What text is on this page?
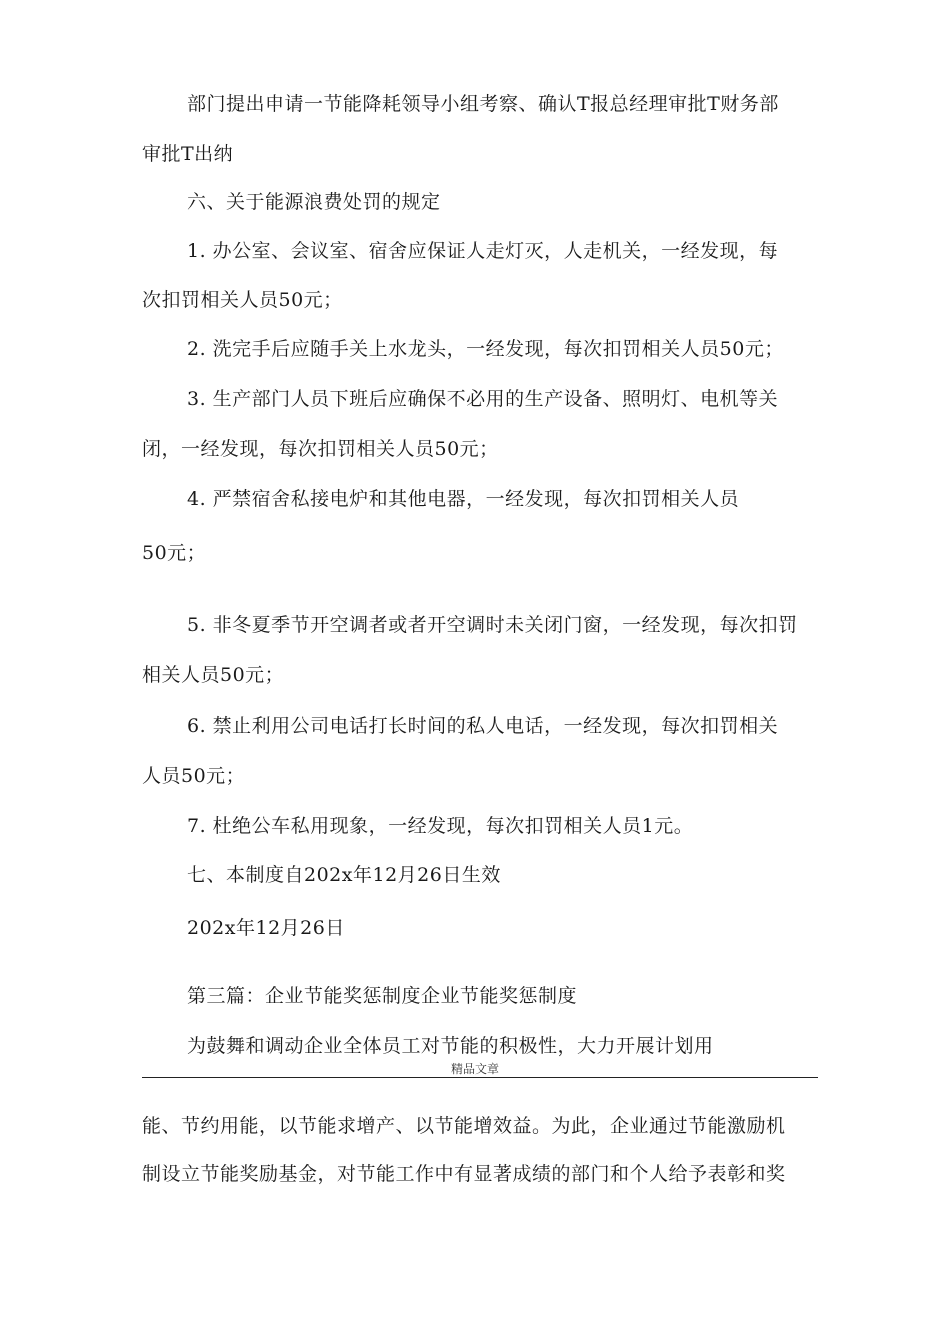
部门提出申请一节能降耗领导小组考察、确认T报总经理审批T财务部
审批T出纳
六、关于能源浪费处罚的规定
1. 办公室、会议室、宿舍应保证人走灯灭，人走机关，一经发现，每
次扣罚相关人员50元；
2. 洗完手后应随手关上水龙头，一经发现，每次扣罚相关人员50元；
3. 生产部门人员下班后应确保不必用的生产设备、照明灯、电机等关
闭，一经发现，每次扣罚相关人员50元；
4. 严禁宿舍私接电炉和其他电器，一经发现，每次扣罚相关人员
50元；
5. 非冬夏季节开空调者或者开空调时未关闭门窗，一经发现，每次扣罚
相关人员50元；
6. 禁止利用公司电话打长时间的私人电话，一经发现，每次扣罚相关
人员50元；
7. 杜绝公车私用现象，一经发现，每次扣罚相关人员1元。
七、本制度自202x年12月26日生效
202x年12月26日
第三篇：企业节能奖惩制度企业节能奖惩制度
为鼓舞和调动企业全体员工对节能的积极性，大力开展计划用
精品文章
能、节约用能，以节能求增产、以节能增效益。为此，企业通过节能激励机
制设立节能奖励基金，对节能工作中有显著成绩的部门和个人给予表彰和奖
